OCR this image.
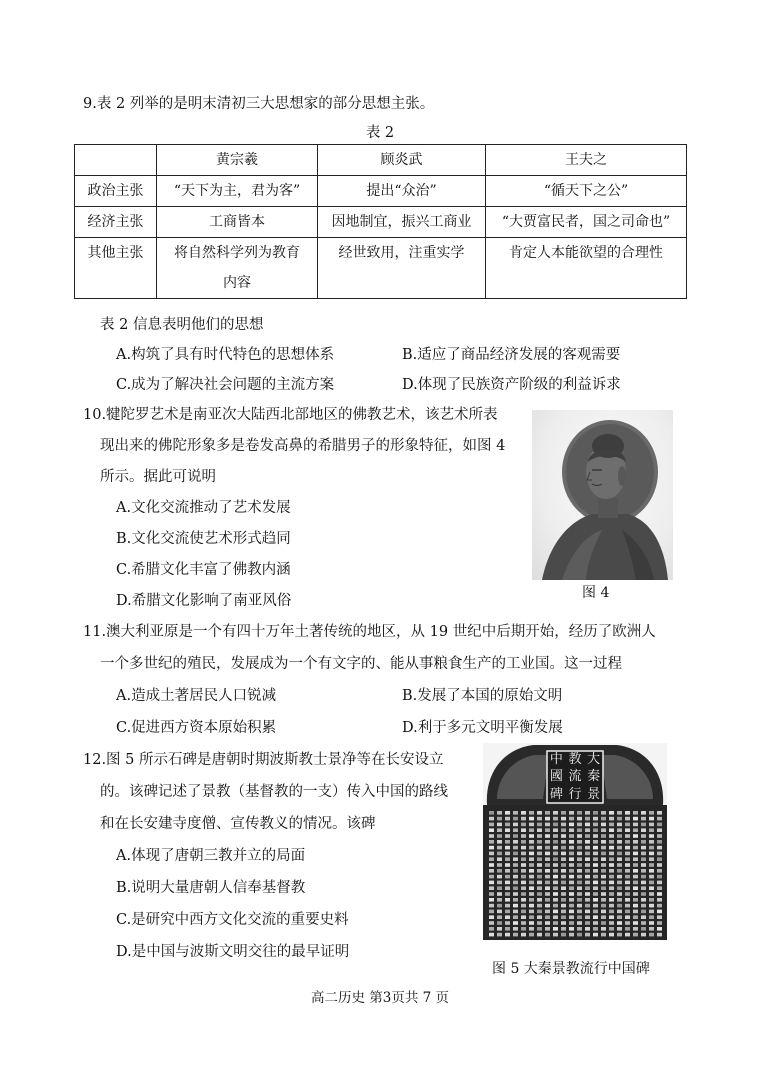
9.表 2 列举的是明末清初三大思想家的部分思想主张。
表 2
	黄宗羲	顾炎武	王夫之
政治主张	“天下为主，君为客”	提出“众治”	“循天下之公”
经济主张	工商皆本	因地制宜，振兴工商业	“大贾富民者，国之司命也”
其他主张	将自然科学列为教育内容	经世致用，注重实学	肯定人本能欲望的合理性
表 2 信息表明他们的思想
A.构筑了具有时代特色的思想体系	B.适应了商品经济发展的客观需要
C.成为了解决社会问题的主流方案	D.体现了民族资产阶级的利益诉求
10.犍陀罗艺术是南亚次大陆西北部地区的佛教艺术，该艺术所表
现出来的佛陀形象多是卷发高鼻的希腊男子的形象特征，如图 4
所示。据此可说明
A.文化交流推动了艺术发展
B.文化交流使艺术形式趋同
C.希腊文化丰富了佛教内涵
D.希腊文化影响了南亚风俗	图 4
11.澳大利亚原是一个有四十万年土著传统的地区，从 19 世纪中后期开始，经历了欧洲人
一个多世纪的殖民，发展成为一个有文字的、能从事粮食生产的工业国。这一过程
A.造成土著居民人口锐减	B.发展了本国的原始文明
C.促进西方资本原始积累	D.利于多元文明平衡发展
12.图 5 所示石碑是唐朝时期波斯教士景净等在长安设立
的。该碑记述了景教（基督教的一支）传入中国的路线
和在长安建寺度僧、宣传教义的情况。该碑
A.体现了唐朝三教并立的局面
B.说明大量唐朝人信奉基督教
C.是研究中西方文化交流的重要史料
D.是中国与波斯文明交往的最早证明
大
教
中
秦
流
國
景
行
碑
图 5 大秦景教流行中国碑
高二历史 第3页共 7 页
